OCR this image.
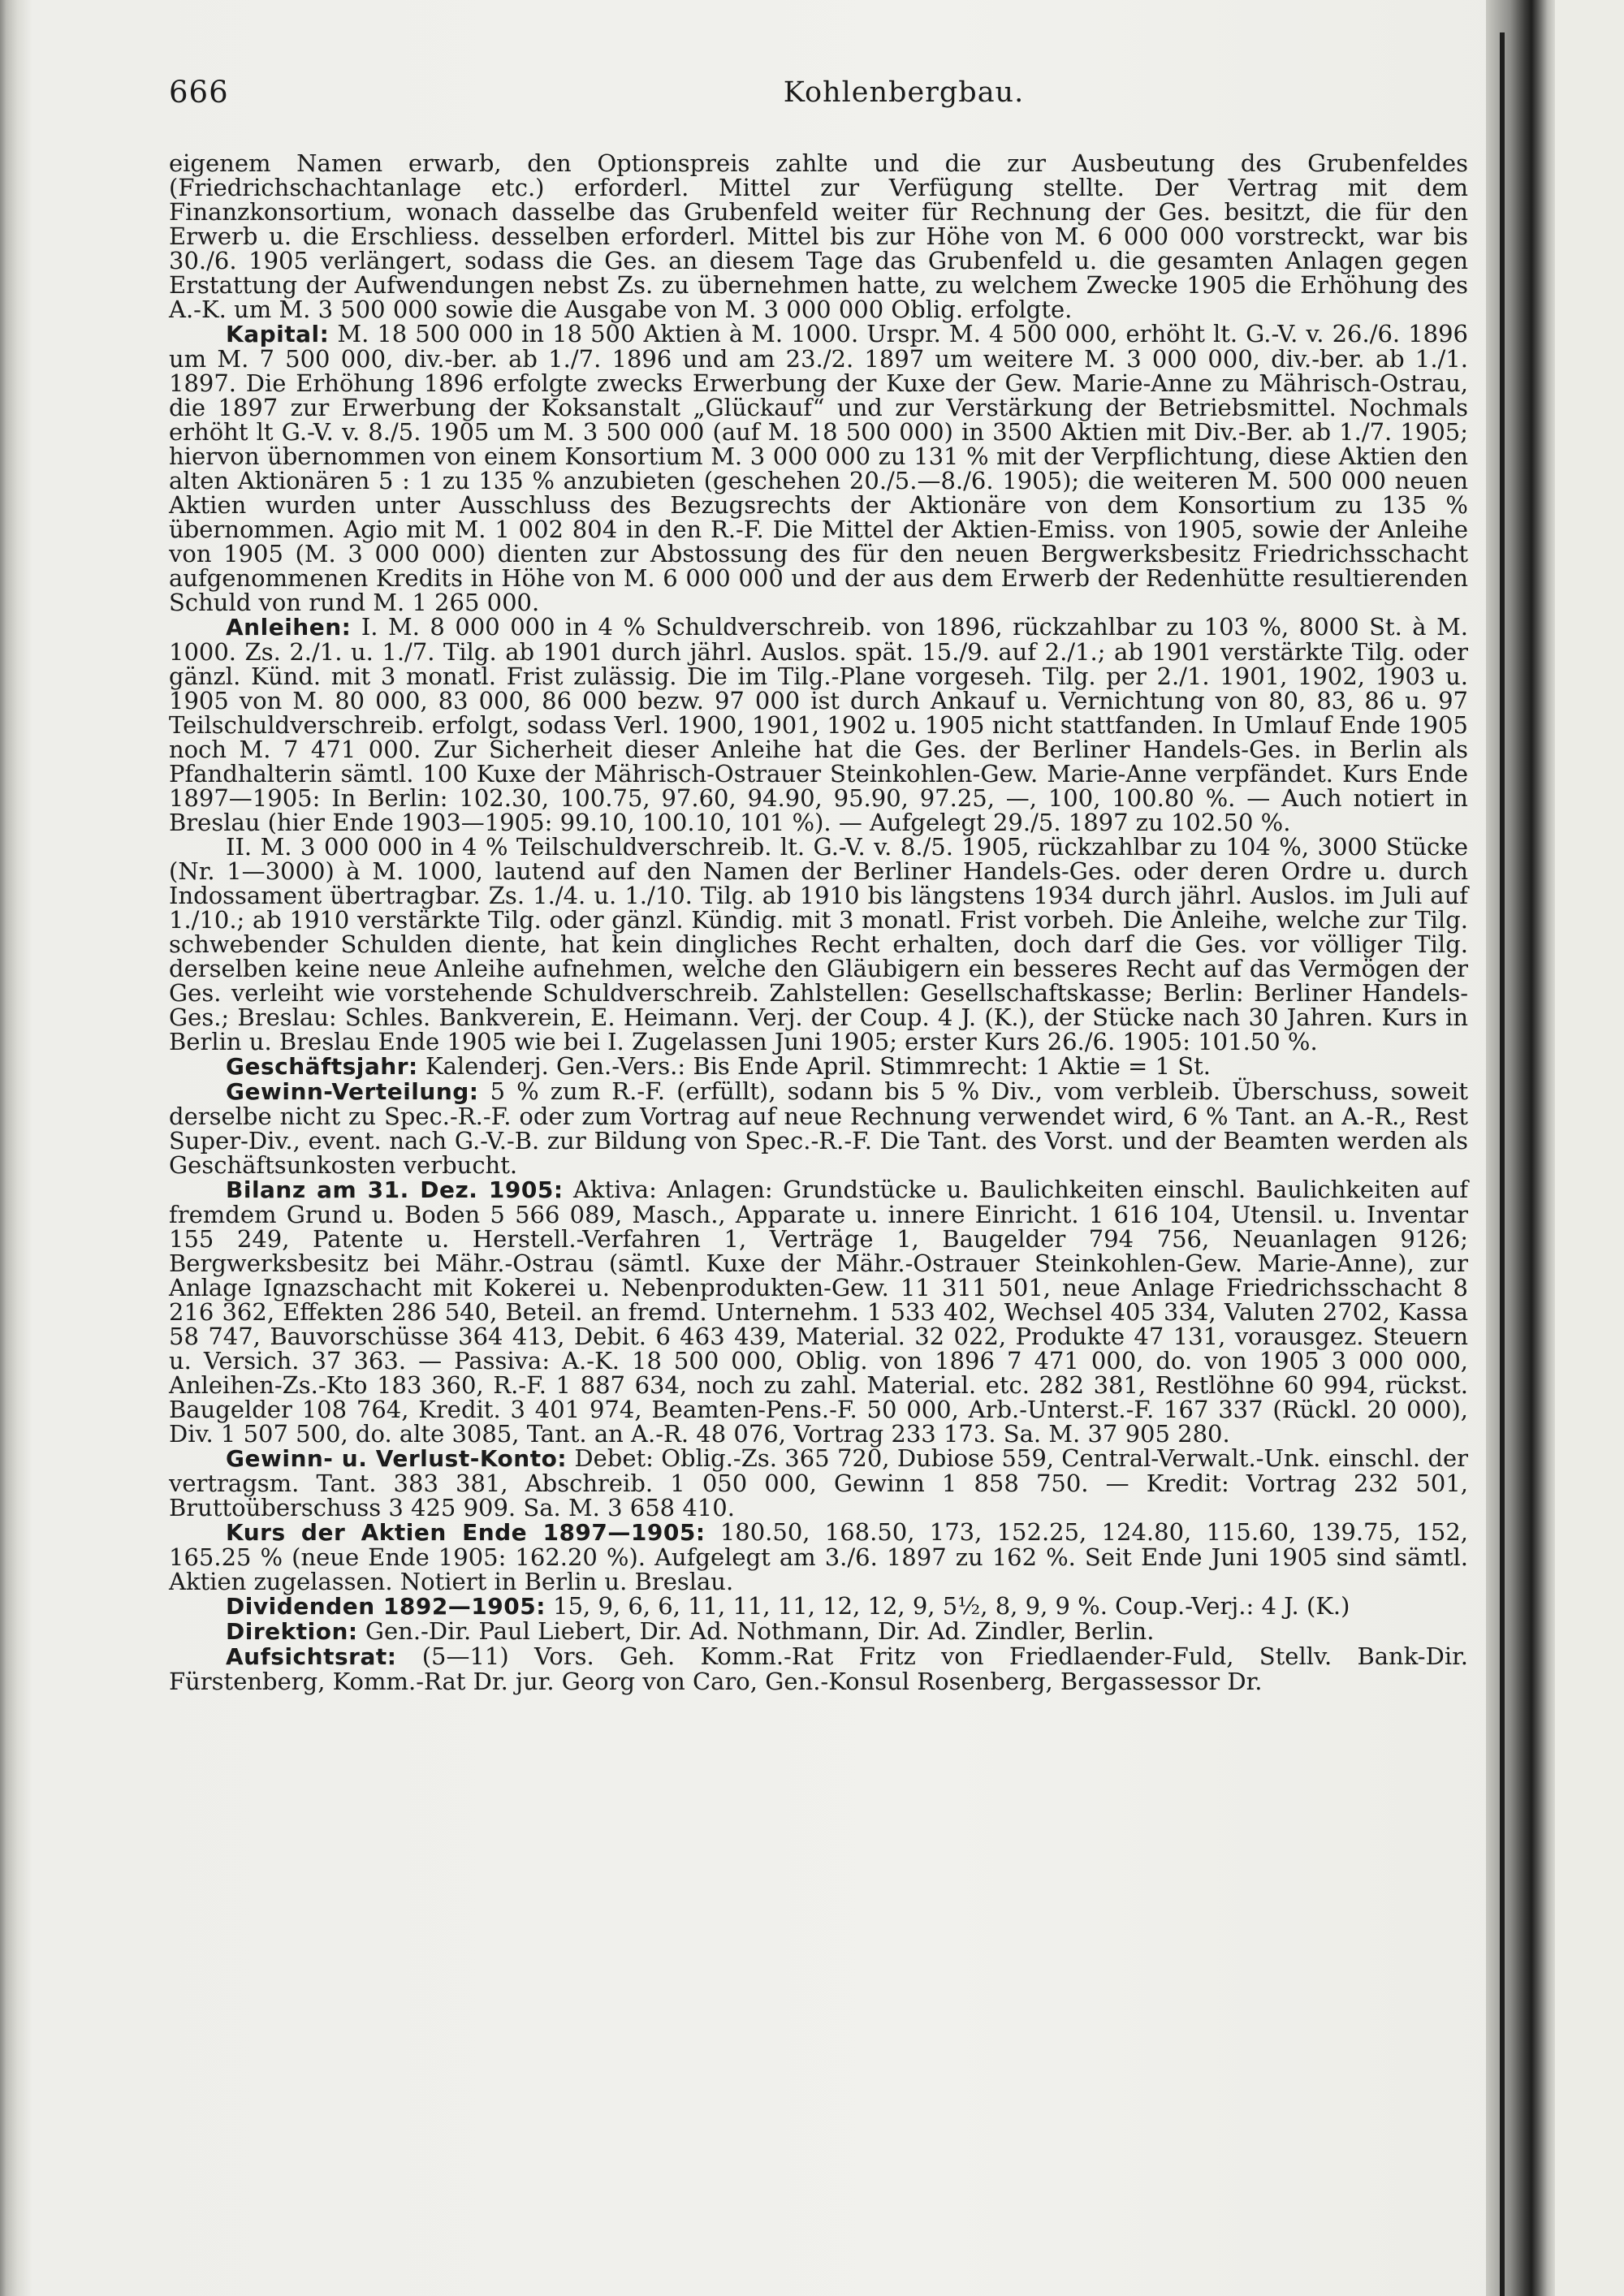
666	Kohlenbergbau.

eigenem Namen erwarb, den Optionspreis zahlte und die zur Ausbeutung des Grubenfeldes (Friedrichschachtanlage etc.) erforderl. Mittel zur Verfügung stellte. Der Vertrag mit dem Finanzkonsortium, wonach dasselbe das Grubenfeld weiter für Rechnung der Ges. besitzt, die für den Erwerb u. die Erschliess. desselben erforderl. Mittel bis zur Höhe von M. 6 000 000 vorstreckt, war bis 30./6. 1905 verlängert, sodass die Ges. an diesem Tage das Grubenfeld u. die gesamten Anlagen gegen Erstattung der Aufwendungen nebst Zs. zu übernehmen hatte, zu welchem Zwecke 1905 die Erhöhung des A.-K. um M. 3 500 000 sowie die Ausgabe von M. 3 000 000 Oblig. erfolgte.

Kapital: M. 18 500 000 in 18 500 Aktien à M. 1000. Urspr. M. 4 500 000, erhöht lt. G.-V. v. 26./6. 1896 um M. 7 500 000, div.-ber. ab 1./7. 1896 und am 23./2. 1897 um weitere M. 3 000 000, div.-ber. ab 1./1. 1897. Die Erhöhung 1896 erfolgte zwecks Erwerbung der Kuxe der Gew. Marie-Anne zu Mährisch-Ostrau, die 1897 zur Erwerbung der Koksanstalt „Glückauf“ und zur Verstärkung der Betriebsmittel. Nochmals erhöht lt G.-V. v. 8./5. 1905 um M. 3 500 000 (auf M. 18 500 000) in 3500 Aktien mit Div.-Ber. ab 1./7. 1905; hiervon übernommen von einem Konsortium M. 3 000 000 zu 131 % mit der Verpflichtung, diese Aktien den alten Aktionären 5 : 1 zu 135 % anzubieten (geschehen 20./5.—8./6. 1905); die weiteren M. 500 000 neuen Aktien wurden unter Ausschluss des Bezugsrechts der Aktionäre von dem Konsortium zu 135 % übernommen. Agio mit M. 1 002 804 in den R.-F. Die Mittel der Aktien-Emiss. von 1905, sowie der Anleihe von 1905 (M. 3 000 000) dienten zur Abstossung des für den neuen Bergwerksbesitz Friedrichsschacht aufgenommenen Kredits in Höhe von M. 6 000 000 und der aus dem Erwerb der Redenhütte resultierenden Schuld von rund M. 1 265 000.

Anleihen: I. M. 8 000 000 in 4 % Schuldverschreib. von 1896, rückzahlbar zu 103 %, 8000 St. à M. 1000. Zs. 2./1. u. 1./7. Tilg. ab 1901 durch jährl. Auslos. spät. 15./9. auf 2./1.; ab 1901 verstärkte Tilg. oder gänzl. Künd. mit 3 monatl. Frist zulässig. Die im Tilg.-Plane vorgeseh. Tilg. per 2./1. 1901, 1902, 1903 u. 1905 von M. 80 000, 83 000, 86 000 bezw. 97 000 ist durch Ankauf u. Vernichtung von 80, 83, 86 u. 97 Teilschuldverschreib. erfolgt, sodass Verl. 1900, 1901, 1902 u. 1905 nicht stattfanden. In Umlauf Ende 1905 noch M. 7 471 000. Zur Sicherheit dieser Anleihe hat die Ges. der Berliner Handels-Ges. in Berlin als Pfandhalterin sämtl. 100 Kuxe der Mährisch-Ostrauer Steinkohlen-Gew. Marie-Anne verpfändet. Kurs Ende 1897—1905: In Berlin: 102.30, 100.75, 97.60, 94.90, 95.90, 97.25, —, 100, 100.80 %. — Auch notiert in Breslau (hier Ende 1903—1905: 99.10, 100.10, 101 %). — Aufgelegt 29./5. 1897 zu 102.50 %.

II. M. 3 000 000 in 4 % Teilschuldverschreib. lt. G.-V. v. 8./5. 1905, rückzahlbar zu 104 %, 3000 Stücke (Nr. 1—3000) à M. 1000, lautend auf den Namen der Berliner Handels-Ges. oder deren Ordre u. durch Indossament übertragbar. Zs. 1./4. u. 1./10. Tilg. ab 1910 bis längstens 1934 durch jährl. Auslos. im Juli auf 1./10.; ab 1910 verstärkte Tilg. oder gänzl. Kündig. mit 3 monatl. Frist vorbeh. Die Anleihe, welche zur Tilg. schwebender Schulden diente, hat kein dingliches Recht erhalten, doch darf die Ges. vor völliger Tilg. derselben keine neue Anleihe aufnehmen, welche den Gläubigern ein besseres Recht auf das Vermögen der Ges. verleiht wie vorstehende Schuldverschreib. Zahlstellen: Gesellschaftskasse; Berlin: Berliner Handels-Ges.; Breslau: Schles. Bankverein, E. Heimann. Verj. der Coup. 4 J. (K.), der Stücke nach 30 Jahren. Kurs in Berlin u. Breslau Ende 1905 wie bei I. Zugelassen Juni 1905; erster Kurs 26./6. 1905: 101.50 %.

Geschäftsjahr: Kalenderj. Gen.-Vers.: Bis Ende April. Stimmrecht: 1 Aktie = 1 St.

Gewinn-Verteilung: 5 % zum R.-F. (erfüllt), sodann bis 5 % Div., vom verbleib. Überschuss, soweit derselbe nicht zu Spec.-R.-F. oder zum Vortrag auf neue Rechnung verwendet wird, 6 % Tant. an A.-R., Rest Super-Div., event. nach G.-V.-B. zur Bildung von Spec.-R.-F. Die Tant. des Vorst. und der Beamten werden als Geschäftsunkosten verbucht.

Bilanz am 31. Dez. 1905: Aktiva: Anlagen: Grundstücke u. Baulichkeiten einschl. Baulichkeiten auf fremdem Grund u. Boden 5 566 089, Masch., Apparate u. innere Einricht. 1 616 104, Utensil. u. Inventar 155 249, Patente u. Herstell.-Verfahren 1, Verträge 1, Baugelder 794 756, Neuanlagen 9126; Bergwerksbesitz bei Mähr.-Ostrau (sämtl. Kuxe der Mähr.-Ostrauer Steinkohlen-Gew. Marie-Anne), zur Anlage Ignazschacht mit Kokerei u. Nebenprodukten-Gew. 11 311 501, neue Anlage Friedrichsschacht 8 216 362, Effekten 286 540, Beteil. an fremd. Unternehm. 1 533 402, Wechsel 405 334, Valuten 2702, Kassa 58 747, Bauvorschüsse 364 413, Debit. 6 463 439, Material. 32 022, Produkte 47 131, vorausgez. Steuern u. Versich. 37 363. — Passiva: A.-K. 18 500 000, Oblig. von 1896 7 471 000, do. von 1905 3 000 000, Anleihen-Zs.-Kto 183 360, R.-F. 1 887 634, noch zu zahl. Material. etc. 282 381, Restlöhne 60 994, rückst. Baugelder 108 764, Kredit. 3 401 974, Beamten-Pens.-F. 50 000, Arb.-Unterst.-F. 167 337 (Rückl. 20 000), Div. 1 507 500, do. alte 3085, Tant. an A.-R. 48 076, Vortrag 233 173. Sa. M. 37 905 280.

Gewinn- u. Verlust-Konto: Debet: Oblig.-Zs. 365 720, Dubiose 559, Central-Verwalt.-Unk. einschl. der vertragsm. Tant. 383 381, Abschreib. 1 050 000, Gewinn 1 858 750. — Kredit: Vortrag 232 501, Bruttoüberschuss 3 425 909. Sa. M. 3 658 410.

Kurs der Aktien Ende 1897—1905: 180.50, 168.50, 173, 152.25, 124.80, 115.60, 139.75, 152, 165.25 % (neue Ende 1905: 162.20 %). Aufgelegt am 3./6. 1897 zu 162 %. Seit Ende Juni 1905 sind sämtl. Aktien zugelassen. Notiert in Berlin u. Breslau.

Dividenden 1892—1905: 15, 9, 6, 6, 11, 11, 11, 12, 12, 9, 5½, 8, 9, 9 %. Coup.-Verj.: 4 J. (K.)

Direktion: Gen.-Dir. Paul Liebert, Dir. Ad. Nothmann, Dir. Ad. Zindler, Berlin.

Aufsichtsrat: (5—11) Vors. Geh. Komm.-Rat Fritz von Friedlaender-Fuld, Stellv. Bank-Dir. Fürstenberg, Komm.-Rat Dr. jur. Georg von Caro, Gen.-Konsul Rosenberg, Bergassessor Dr.
